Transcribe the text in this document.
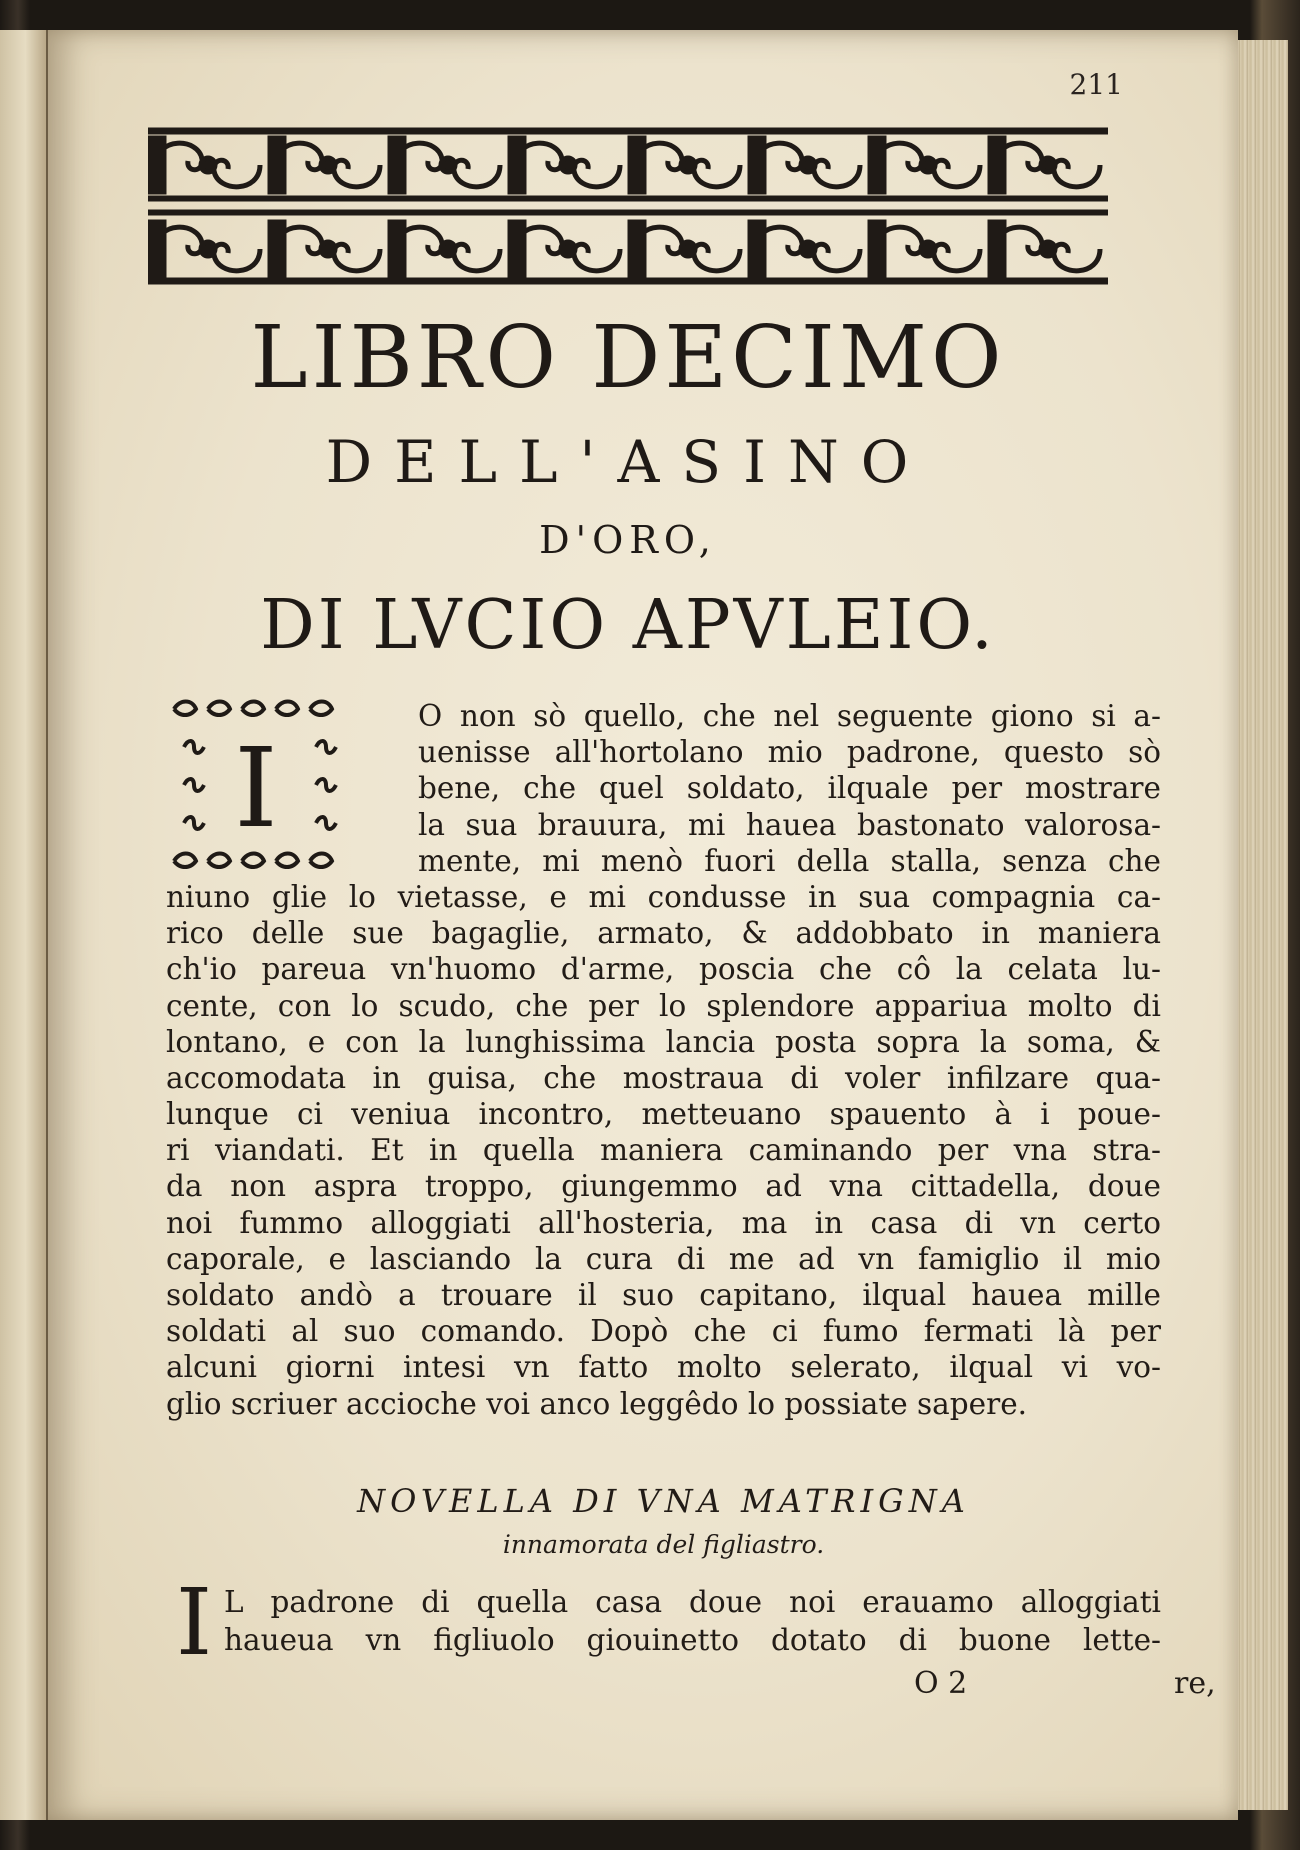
211
LIBRO DECIMO
DELL'ASINO
D'ORO,
DI LVCIO APVLEIO.
I
O non sò quello, che nel seguente giono si a-
uenisse all'hortolano mio padrone, questo sò
bene, che quel soldato, ilquale per mostrare
la sua brauura, mi hauea bastonato valorosa-
mente, mi menò fuori della stalla, senza che
niuno glie lo vietasse, e mi condusse in sua compagnia ca-
rico delle sue bagaglie, armato, & addobbato in maniera
ch'io pareua vn'huomo d'arme, poscia che cô la celata lu-
cente, con lo scudo, che per lo splendore appariua molto di
lontano, e con la lunghissima lancia posta sopra la soma, &
accomodata in guisa, che mostraua di voler infilzare qua-
lunque ci veniua incontro, metteuano spauento à i poue-
ri viandati. Et in quella maniera caminando per vna stra-
da non aspra troppo, giungemmo ad vna cittadella, doue
noi fummo alloggiati all'hosteria, ma in casa di vn certo
caporale, e lasciando la cura di me ad vn famiglio il mio
soldato andò a trouare il suo capitano, ilqual hauea mille
soldati al suo comando. Dopò che ci fumo fermati là per
alcuni giorni intesi vn fatto molto selerato, ilqual vi vo-
glio scriuer accioche voi anco leggêdo lo possiate sapere.
NOVELLA DI VNA MATRIGNA
innamorata del figliastro.
I L padrone di quella casa doue noi erauamo alloggiati
haueua vn figliuolo giouinetto dotato di buone lette-
O 2	re,
